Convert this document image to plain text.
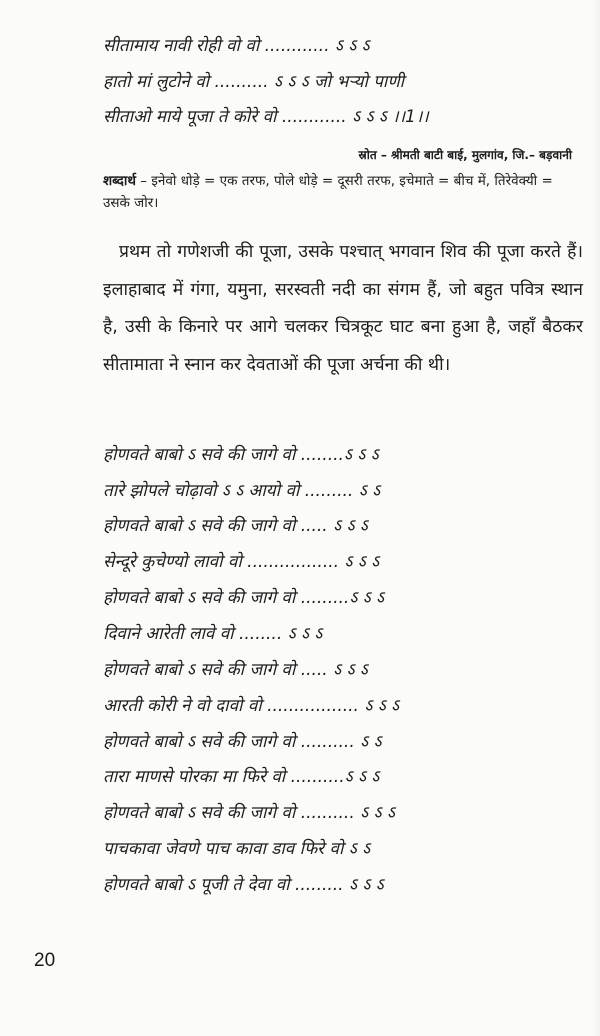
सीतामाय नावी रोही वो वो ............ ऽ ऽ ऽ
हातो मां लुटोने वो .......... ऽ ऽ ऽ जो भऱ्यो पाणी
सीताओ माये पूजा ते कोरे वो ............ ऽ ऽ ऽ ।।1।।
स्रोत – श्रीमती बाटी बाई, मुलगांव, जि.– बड़वानी
शब्दार्थ – इनेवो धोड़े = एक तरफ, पोले धोड़े = दूसरी तरफ, इचेमाते = बीच में, तिरेवेक्यी = उसके जोर।
प्रथम तो गणेशजी की पूजा, उसके पश्चात् भगवान शिव की पूजा करते हैं। इलाहाबाद में गंगा, यमुना, सरस्वती नदी का संगम हैं, जो बहुत पवित्र स्थान है, उसी के किनारे पर आगे चलकर चित्रकूट घाट बना हुआ है, जहाँ बैठकर सीतामाता ने स्नान कर देवताओं की पूजा अर्चना की थी।
होणवते बाबो ऽ सवे की जागे वो ........ऽ ऽ ऽ
तारे झोपले चोढ़ावो ऽ ऽ आयो वो ......... ऽ ऽ
होणवते बाबो ऽ सवे की जागे वो ..... ऽ ऽ ऽ
सेन्दूरे कुचेण्यो लावो वो ................. ऽ ऽ ऽ
होणवते बाबो ऽ सवे की जागे वो .........ऽ ऽ ऽ
दिवाने आरेती लावे वो ........ ऽ ऽ ऽ
होणवते बाबो ऽ सवे की जागे वो ..... ऽ ऽ ऽ
आरती कोरी ने वो दावो वो ................. ऽ ऽ ऽ
होणवते बाबो ऽ सवे की जागे वो .......... ऽ ऽ
तारा माणसे पोरका मा फिरे वो ..........ऽ ऽ ऽ
होणवते बाबो ऽ सवे की जागे वो .......... ऽ ऽ ऽ
पाचकावा जेवणे पाच कावा डाव फिरे वो ऽ ऽ
होणवते बाबो ऽ पूजी ते देवा वो ......... ऽ ऽ ऽ
20
